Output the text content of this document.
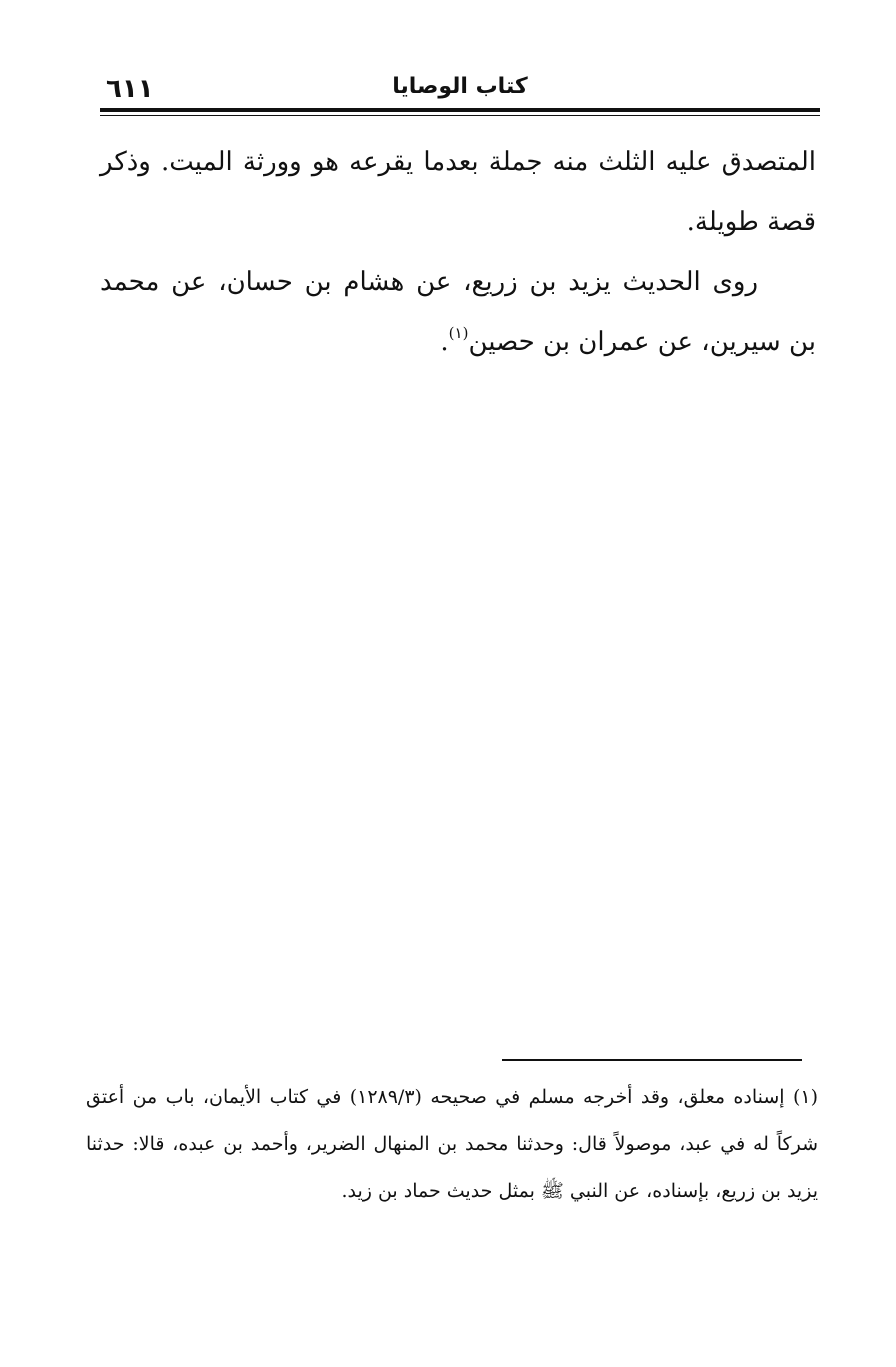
٦١١	كتاب الوصايا

المتصدق عليه الثلث منه جملة بعدما يقرعه هو وورثة الميت. وذكر قصة طويلة.

روى الحديث يزيد بن زريع، عن هشام بن حسان، عن محمد بن سيرين، عن عمران بن حصين$^{(١)}$.

(١) إسناده معلق، وقد أخرجه مسلم في صحيحه (١٢٨٩/٣) في كتاب الأيمان، باب من أعتق شركاً له في عبد، موصولاً قال: وحدثنا محمد بن المنهال الضرير، وأحمد بن عبده، قالا: حدثنا يزيد بن زريع، بإسناده، عن النبي ﷺ بمثل حديث حماد بن زيد.
